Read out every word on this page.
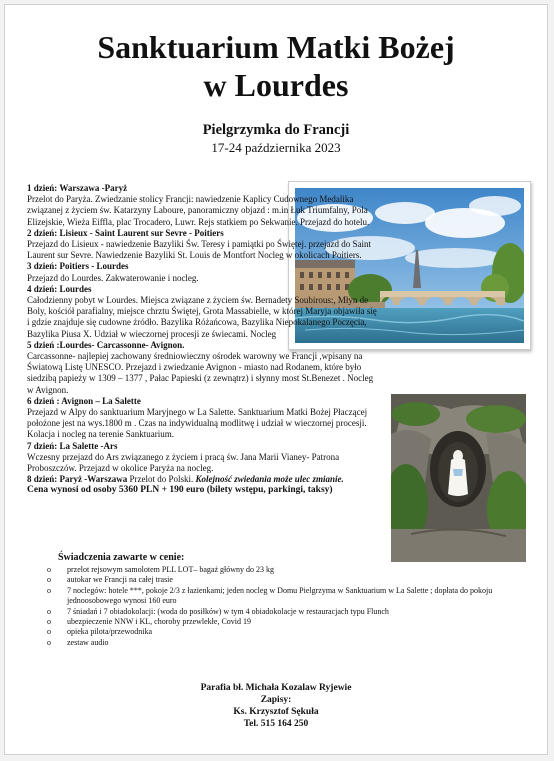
Sanktuarium Matki Bożej
w Lourdes
Pielgrzymka do Francji
17-24 października 2023

1 dzień: Warszawa -Paryż
Przelot do Paryża. Zwiedzanie stolicy Francji: nawiedzenie Kaplicy Cudownego Medalika związanej z życiem św. Katarzyny Laboure, panoramiczny objazd : m.in Łuk Triumfalny, Pola Elizejskie, Wieża Eiffla, plac Trocadero, Luwr. Rejs statkiem po Sekwanie. Przejazd do hotelu.

2 dzień: Lisieux - Saint Laurent sur Sevre - Poitiers
Przejazd do Lisieux - nawiedzenie Bazyliki Św. Teresy i pamiątki po Świętej. przejazd do Saint Laurent sur Sevre. Nawiedzenie Bazyliki St. Louis de Montfort Nocleg w okolicach Poitiers.

3 dzień: Poitiers - Lourdes
Przejazd do Lourdes. Zakwaterowanie i nocleg.

4 dzień: Lourdes
Całodzienny pobyt w Lourdes. Miejsca związane z życiem św. Bernadety Soubirous:, Młyn de Boly, kościół parafialny, miejsce chrztu Świętej, Grota Massabielle, w której Maryja objawiła się i gdzie znajduje się cudowne źródło. Bazylika Różańcowa, Bazylika Niepokalanego Poczęcia, Bazylika Piusa X. Udział w wieczornej procesji ze świecami. Nocleg

5 dzień :Lourdes- Carcassonne- Avignon.
Carcassonne- najlepiej zachowany średniowieczny ośrodek warowny we Francji ,wpisany na Światową Listę UNESCO. Przejazd i zwiedzanie Avignon - miasto nad Rodanem, które było siedzibą papieży w 1309 – 1377 , Pałac Papieski (z zewnątrz) i słynny most St.Benezet . Nocleg w Avignon.

6 dzień : Avignon – La Salette
Przejazd w Alpy do sanktuarium Maryjnego w La Salette. Sanktuarium Matki Bożej Płaczącej położone jest na wys.1800 m . Czas na indywidualną modlitwę i udział w wieczornej procesji. Kolacja i nocleg na terenie Sanktuarium.

7 dzień: La Salette -Ars
Wczesny przejazd do Ars związanego z życiem i pracą św. Jana Marii Vianey- Patrona Proboszczów. Przejazd w okolice Paryża na nocleg.

8 dzień: Paryż -Warszawa Przelot do Polski. Kolejność zwiedania może ulec zmianie.

Cena wynosi od osoby 5360 PLN + 190 euro (bilety wstępu, parkingi, taksy)

Świadczenia zawarte w cenie:
o przelot rejsowym samolotem PLL LOT– bagaż główny do 23 kg
o autokar we Francji na całej trasie
o 7 noclegów: hotele ***, pokoje 2/3 z łazienkami; jeden nocleg w Domu Pielgrzyma w Sanktuarium w La Salette ; dopłata do pokoju jednoosobowego wynosi 160 euro
o 7 śniadań i 7 obiadokolacji: (woda do posiłków) w tym 4 obiadokolacje w restauracjach typu Flunch
o ubezpieczenie NNW i KL, choroby przewlekłe, Covid 19
o opieka pilota/przewodnika
o zestaw audio
Parafia bł. Michała Kozalaw Ryjewie
Zapisy:
Ks. Krzysztof Sękuła
Tel. 515 164 250
